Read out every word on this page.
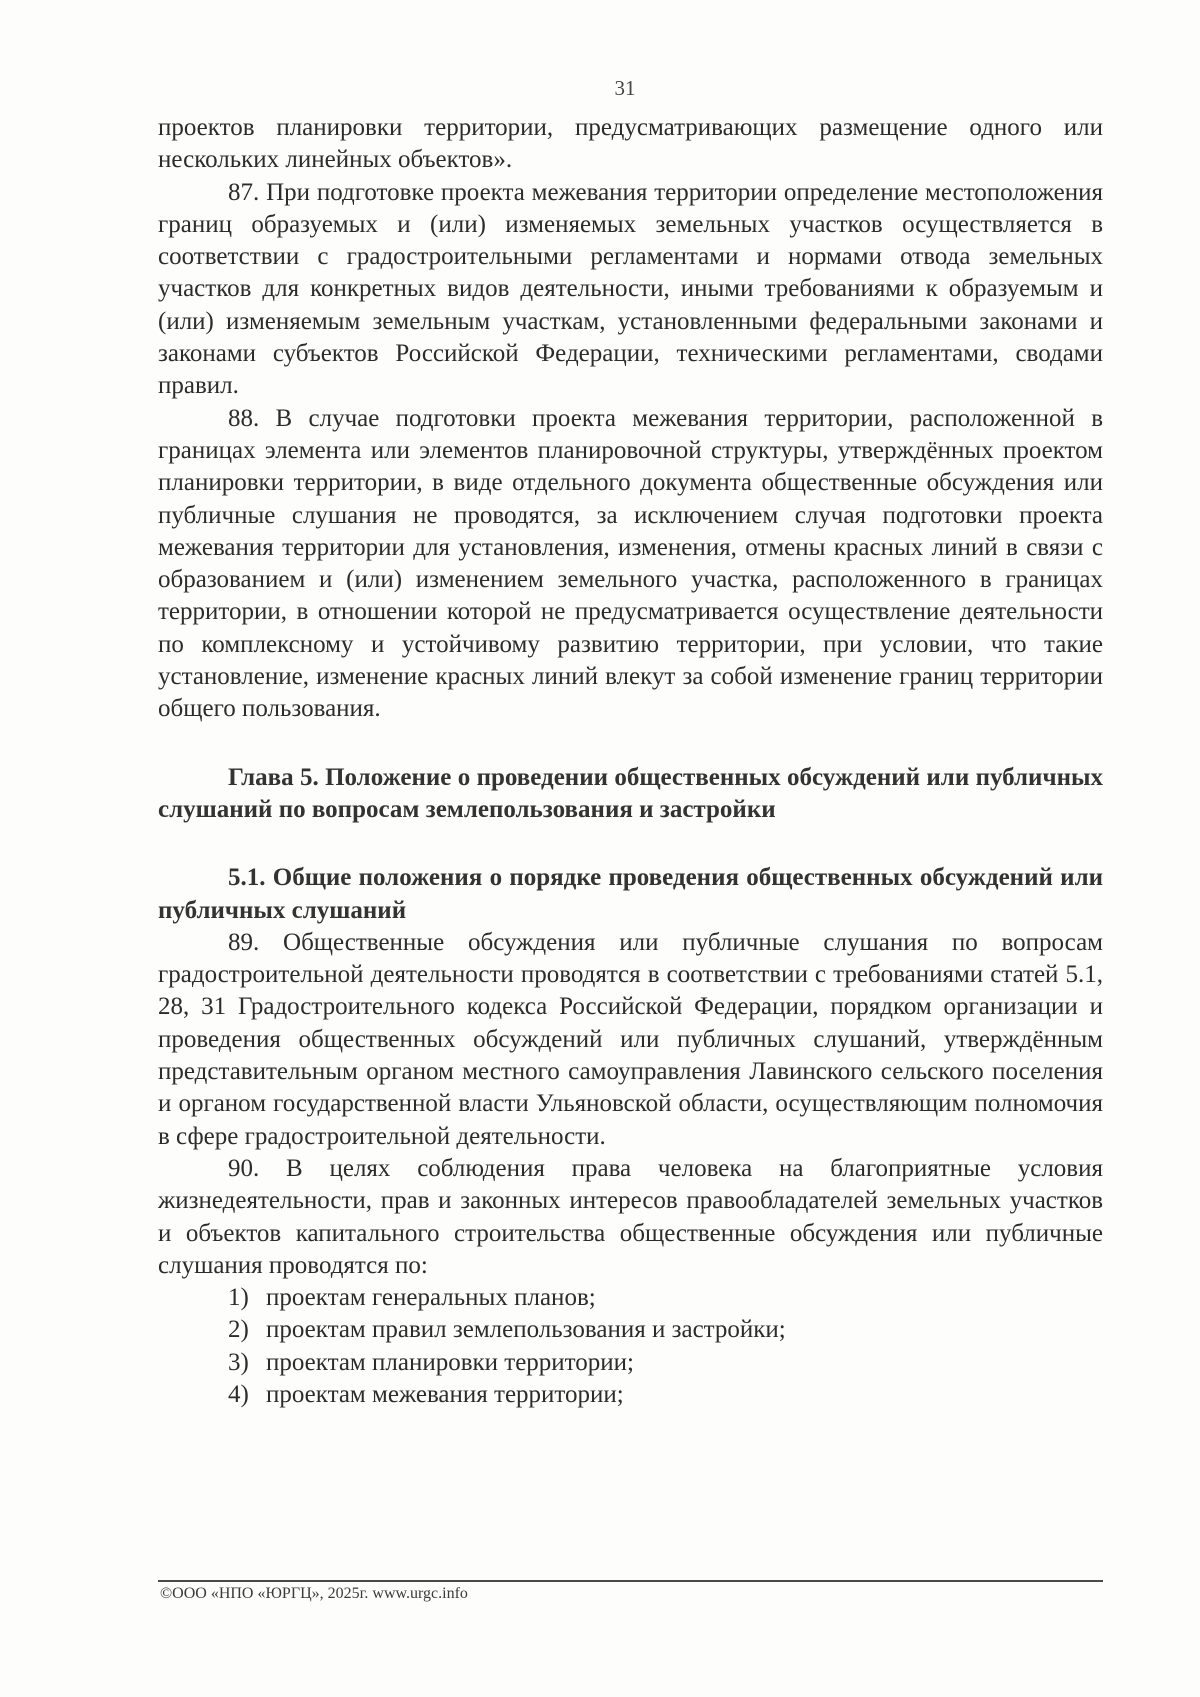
31

проектов планировки территории, предусматривающих размещение одного или нескольких линейных объектов».

87. При подготовке проекта межевания территории определение местоположения границ образуемых и (или) изменяемых земельных участков осуществляется в соответствии с градостроительными регламентами и нормами отвода земельных участков для конкретных видов деятельности, иными требованиями к образуемым и (или) изменяемым земельным участкам, установленными федеральными законами и законами субъектов Российской Федерации, техническими регламентами, сводами правил.

88. В случае подготовки проекта межевания территории, расположенной в границах элемента или элементов планировочной структуры, утверждённых проектом планировки территории, в виде отдельного документа общественные обсуждения или публичные слушания не проводятся, за исключением случая подготовки проекта межевания территории для установления, изменения, отмены красных линий в связи с образованием и (или) изменением земельного участка, расположенного в границах территории, в отношении которой не предусматривается осуществление деятельности по комплексному и устойчивому развитию территории, при условии, что такие установление, изменение красных линий влекут за собой изменение границ территории общего пользования.

Глава 5. Положение о проведении общественных обсуждений или публичных слушаний по вопросам землепользования и застройки

5.1. Общие положения о порядке проведения общественных обсуждений или публичных слушаний

89. Общественные обсуждения или публичные слушания по вопросам градостроительной деятельности проводятся в соответствии с требованиями статей 5.1, 28, 31 Градостроительного кодекса Российской Федерации, порядком организации и проведения общественных обсуждений или публичных слушаний, утверждённым представительным органом местного самоуправления Лавинского сельского поселения и органом государственной власти Ульяновской области, осуществляющим полномочия в сфере градостроительной деятельности.

90. В целях соблюдения права человека на благоприятные условия жизнедеятельности, прав и законных интересов правообладателей земельных участков и объектов капитального строительства общественные обсуждения или публичные слушания проводятся по:

1) проектам генеральных планов;
2) проектам правил землепользования и застройки;
3) проектам планировки территории;
4) проектам межевания территории;
©ООО «НПО «ЮРГЦ», 2025г. www.urgc.info
